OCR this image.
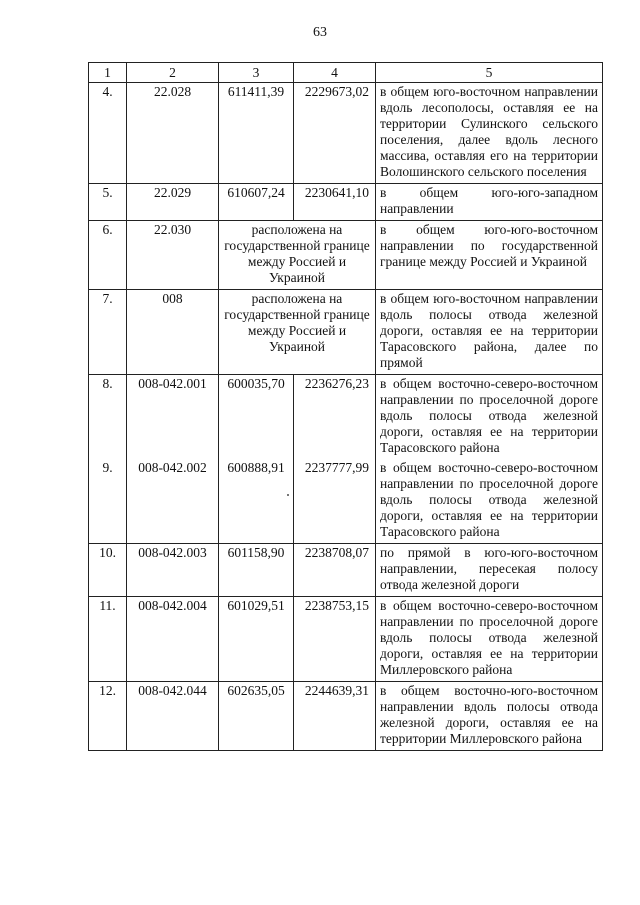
63
1	2	3	4	5
4.	22.028	611411,39	2229673,02	в общем юго-восточном направлении вдоль лесополосы, оставляя ее на территории Сулинского сельского поселения, далее вдоль лесного массива, оставляя его на территории Волошинского сельского поселения
5.	22.029	610607,24	2230641,10	в общем юго-юго-западном направлении
6.	22.030	расположена на государственной границе между Россией и Украиной		в общем юго-юго-восточном направлении по государственной границе между Россией и Украиной
7.	008	расположена на государственной границе между Россией и Украиной		в общем юго-восточном направлении вдоль полосы отвода железной дороги, оставляя ее на территории Тарасовского района, далее по прямой
8.	008-042.001	600035,70	2236276,23	в общем восточно-северо-восточном направлении по проселочной дороге вдоль полосы отвода железной дороги, оставляя ее на территории Тарасовского района
9.	008-042.002	600888,91	2237777,99	в общем восточно-северо-восточном направлении по проселочной дороге вдоль полосы отвода железной дороги, оставляя ее на территории Тарасовского района
10.	008-042.003	601158,90	2238708,07	по прямой в юго-юго-восточном направлении, пересекая полосу отвода железной дороги
11.	008-042.004	601029,51	2238753,15	в общем восточно-северо-восточном направлении по проселочной дороге вдоль полосы отвода железной дороги, оставляя ее на территории Миллеровского района
12.	008-042.044	602635,05	2244639,31	в общем восточно-юго-восточном направлении вдоль полосы отвода железной дороги, оставляя ее на территории Миллеровского района
